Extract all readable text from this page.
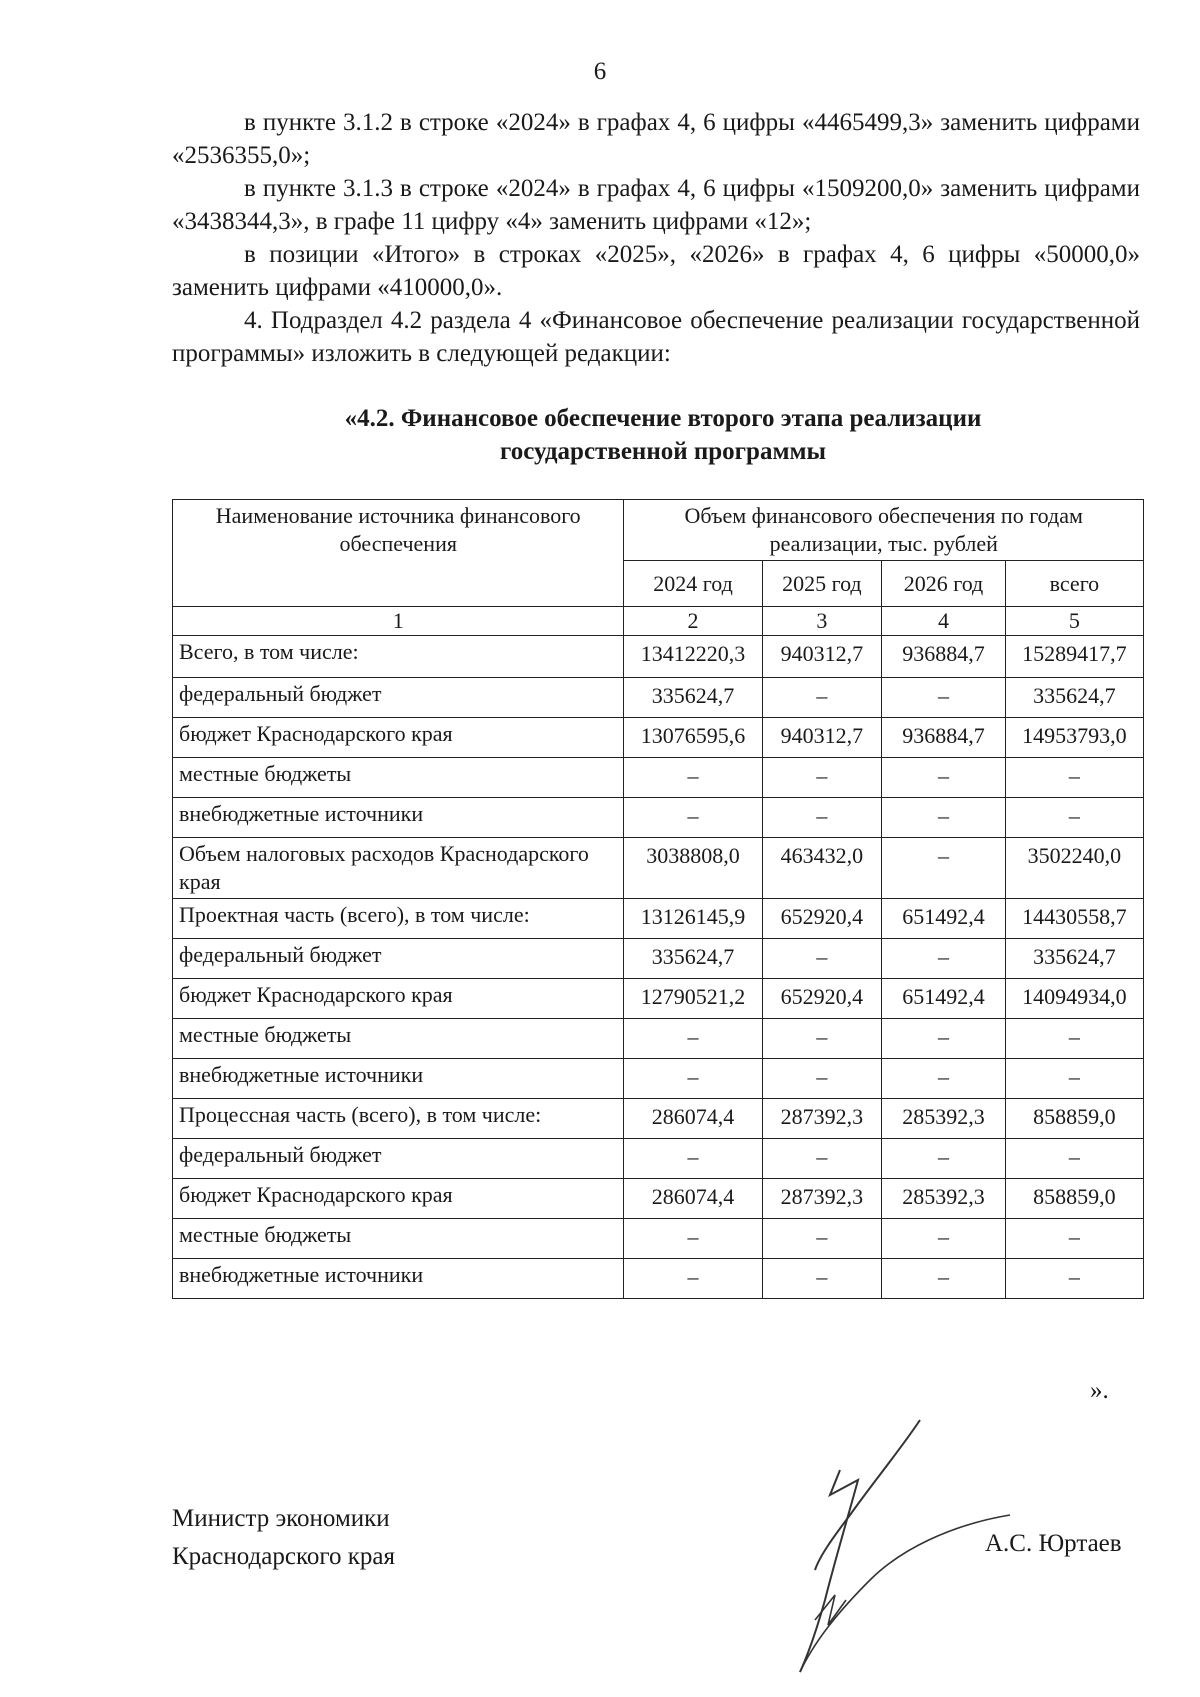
6

в пункте 3.1.2 в строке «2024» в графах 4, 6 цифры «4465499,3» заменить цифрами «2536355,0»;

в пункте 3.1.3 в строке «2024» в графах 4, 6 цифры «1509200,0» заменить цифрами «3438344,3», в графе 11 цифру «4» заменить цифрами «12»;

в позиции «Итого» в строках «2025», «2026» в графах 4, 6 цифры «50000,0» заменить цифрами «410000,0».

4. Подраздел 4.2 раздела 4 «Финансовое обеспечение реализации государственной программы» изложить в следующей редакции:

«4.2. Финансовое обеспечение второго этапа реализации
государственной программы
Наименование источника финансового обеспечения	Объем финансового обеспечения по годам реализации, тыс. рублей			
	2024 год	2025 год	2026 год	всего
1	2	3	4	5
Всего, в том числе:	13412220,3	940312,7	936884,7	15289417,7
федеральный бюджет	335624,7	–	–	335624,7
бюджет Краснодарского края	13076595,6	940312,7	936884,7	14953793,0
местные бюджеты	–	–	–	–
внебюджетные источники	–	–	–	–
Объем налоговых расходов Краснодарского края	3038808,0	463432,0	–	3502240,0
Проектная часть (всего), в том числе:	13126145,9	652920,4	651492,4	14430558,7
федеральный бюджет	335624,7	–	–	335624,7
бюджет Краснодарского края	12790521,2	652920,4	651492,4	14094934,0
местные бюджеты	–	–	–	–
внебюджетные источники	–	–	–	–
Процессная часть (всего), в том числе:	286074,4	287392,3	285392,3	858859,0
федеральный бюджет	–	–	–	–
бюджет Краснодарского края	286074,4	287392,3	285392,3	858859,0
местные бюджеты	–	–	–	–
внебюджетные источники	–	–	–	–
».
Министр экономики
Краснодарского края	А.С. Юртаев
